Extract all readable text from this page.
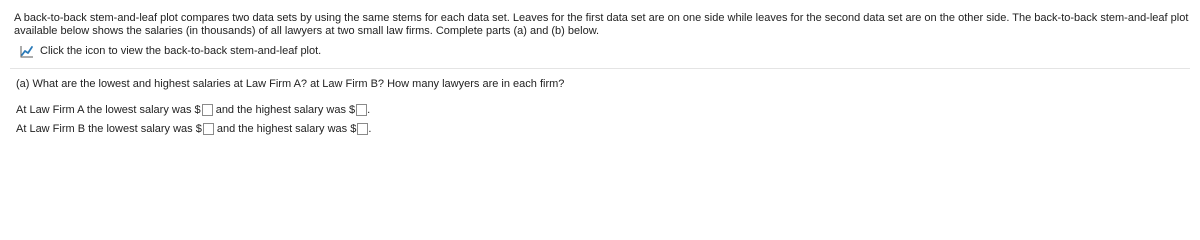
A back-to-back stem-and-leaf plot compares two data sets by using the same stems for each data set. Leaves for the first data set are on one side while leaves for the second data set are on the other side. The back-to-back stem-and-leaf plot available below shows the salaries (in thousands) of all lawyers at two small law firms. Complete parts (a) and (b) below.

Click the icon to view the back-to-back stem-and-leaf plot.
(a) What are the lowest and highest salaries at Law Firm A? at Law Firm B? How many lawyers are in each firm?
At Law Firm A the lowest salary was $ and the highest salary was $ .
At Law Firm B the lowest salary was $ and the highest salary was $ .
